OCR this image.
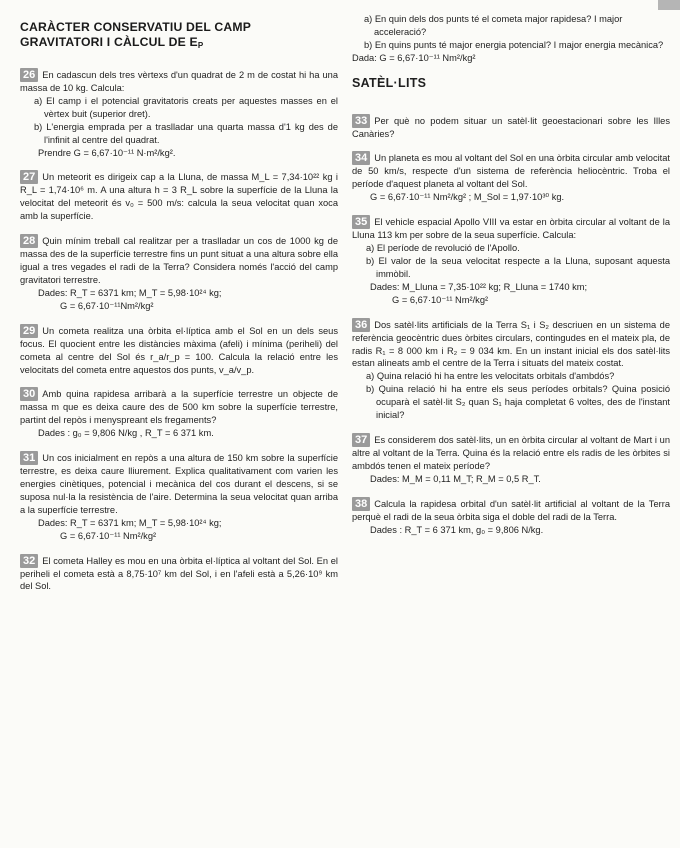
CARÀCTER CONSERVATIU DEL CAMP
GRAVITATORI I CÀLCUL DE $E_P$

26 En cadascun dels tres vèrtexs d'un quadrat de 2 m de costat hi ha una massa de 10 kg. Calcula:

a) El camp i el potencial gravitatoris creats per aquestes masses en el vèrtex buit (superior dret).
b) L'energia emprada per a traslladar una quarta massa d'1 kg des de l'infinit al centre del quadrat.
Prendre G = 6,67·10⁻¹¹ N·m²/kg².

27 Un meteorit es dirigeix cap a la Lluna, de massa M_L = 7,34·10²² kg i R_L = 1,74·10⁶ m. A una altura h = 3 R_L sobre la superfície de la Lluna la velocitat del meteorit és v₀ = 500 m/s: calcula la seua velocitat quan xoca amb la superfície.

28 Quin mínim treball cal realitzar per a traslladar un cos de 1000 kg de massa des de la superfície terrestre fins un punt situat a una altura sobre ella igual a tres vegades el radi de la Terra? Considera només l'acció del camp gravitatori terrestre.

Dades: R_T = 6371 km; M_T = 5,98·10²⁴ kg;
G = 6,67·10⁻¹¹Nm²/kg²

29 Un cometa realitza una òrbita el·líptica amb el Sol en un dels seus focus. El quocient entre les distàncies màxima (afeli) i mínima (periheli) del cometa al centre del Sol és r_a/r_p = 100. Calcula la relació entre les velocitats del cometa entre aquestos dos punts, v_a/v_p.

30 Amb quina rapidesa arribarà a la superfície terrestre un objecte de massa m que es deixa caure des de 500 km sobre la superfície terrestre, partint del repòs i menyspreant els fregaments?

Dades : g₀ = 9,806 N/kg , R_T = 6 371 km.

31 Un cos inicialment en repòs a una altura de 150 km sobre la superfície terrestre, es deixa caure lliurement. Explica qualitativament com varien les energies cinètiques, potencial i mecànica del cos durant el descens, si se suposa nul·la la resistència de l'aire. Determina la seua velocitat quan arriba a la superfície terrestre.

Dades: R_T = 6371 km; M_T = 5,98·10²⁴ kg;
G = 6,67·10⁻¹¹ Nm²/kg²

32 El cometa Halley es mou en una òrbita el·líptica al voltant del Sol. En el periheli el cometa està a 8,75·10⁷ km del Sol, i en l'afeli està a 5,26·10⁹ km del Sol.

a) En quin dels dos punts té el cometa major rapidesa? I major acceleració?
b) En quins punts té major energia potencial? I major energia mecànica?
Dada: G = 6,67·10⁻¹¹ Nm²/kg²
SATÈL·LITS

33 Per què no podem situar un satèl·lit geoestacionari sobre les Illes Canàries?

34 Un planeta es mou al voltant del Sol en una òrbita circular amb velocitat de 50 km/s, respecte d'un sistema de referència heliocèntric. Troba el període d'aquest planeta al voltant del Sol.

G = 6,67·10⁻¹¹ Nm²/kg² ; M_Sol = 1,97·10³⁰ kg.

35 El vehicle espacial Apollo VIII va estar en òrbita circular al voltant de la Lluna 113 km per sobre de la seua superfície. Calcula:

a) El període de revolució de l'Apollo.
b) El valor de la seua velocitat respecte a la Lluna, suposant aquesta immòbil.
Dades: M_Lluna = 7,35·10²² kg; R_Lluna = 1740 km;
G = 6,67·10⁻¹¹ Nm²/kg²

36 Dos satèl·lits artificials de la Terra S₁ i S₂ descriuen en un sistema de referència geocèntric dues òrbites circulars, contingudes en el mateix pla, de radis R₁ = 8 000 km i R₂ = 9 034 km. En un instant inicial els dos satèl·lits estan alineats amb el centre de la Terra i situats del mateix costat.

a) Quina relació hi ha entre les velocitats orbitals d'ambdós?
b) Quina relació hi ha entre els seus períodes orbitals? Quina posició ocuparà el satèl·lit S₂ quan S₁ haja completat 6 voltes, des de l'instant inicial?

37 Es considerem dos satèl·lits, un en òrbita circular al voltant de Mart i un altre al voltant de la Terra. Quina és la relació entre els radis de les òrbites si ambdós tenen el mateix període?

Dades: M_M = 0,11 M_T; R_M = 0,5 R_T.

38 Calcula la rapidesa orbital d'un satèl·lit artificial al voltant de la Terra perquè el radi de la seua òrbita siga el doble del radi de la Terra.

Dades : R_T = 6 371 km, g₀ = 9,806 N/kg.
